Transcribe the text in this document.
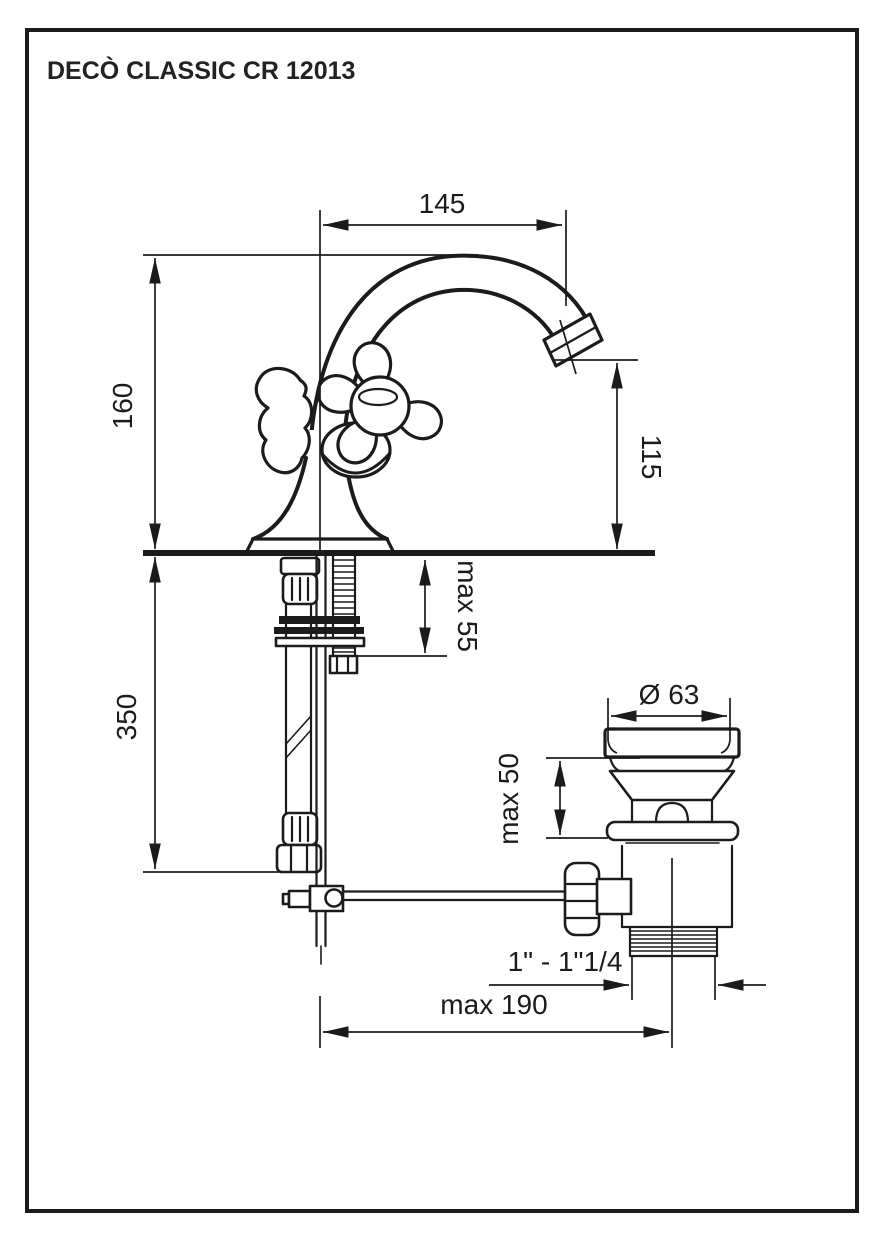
DECÒ CLASSIC CR 12013
145
160
115
max 55
350	Ø 63
max 50
1" - 1"1/4
max 190
